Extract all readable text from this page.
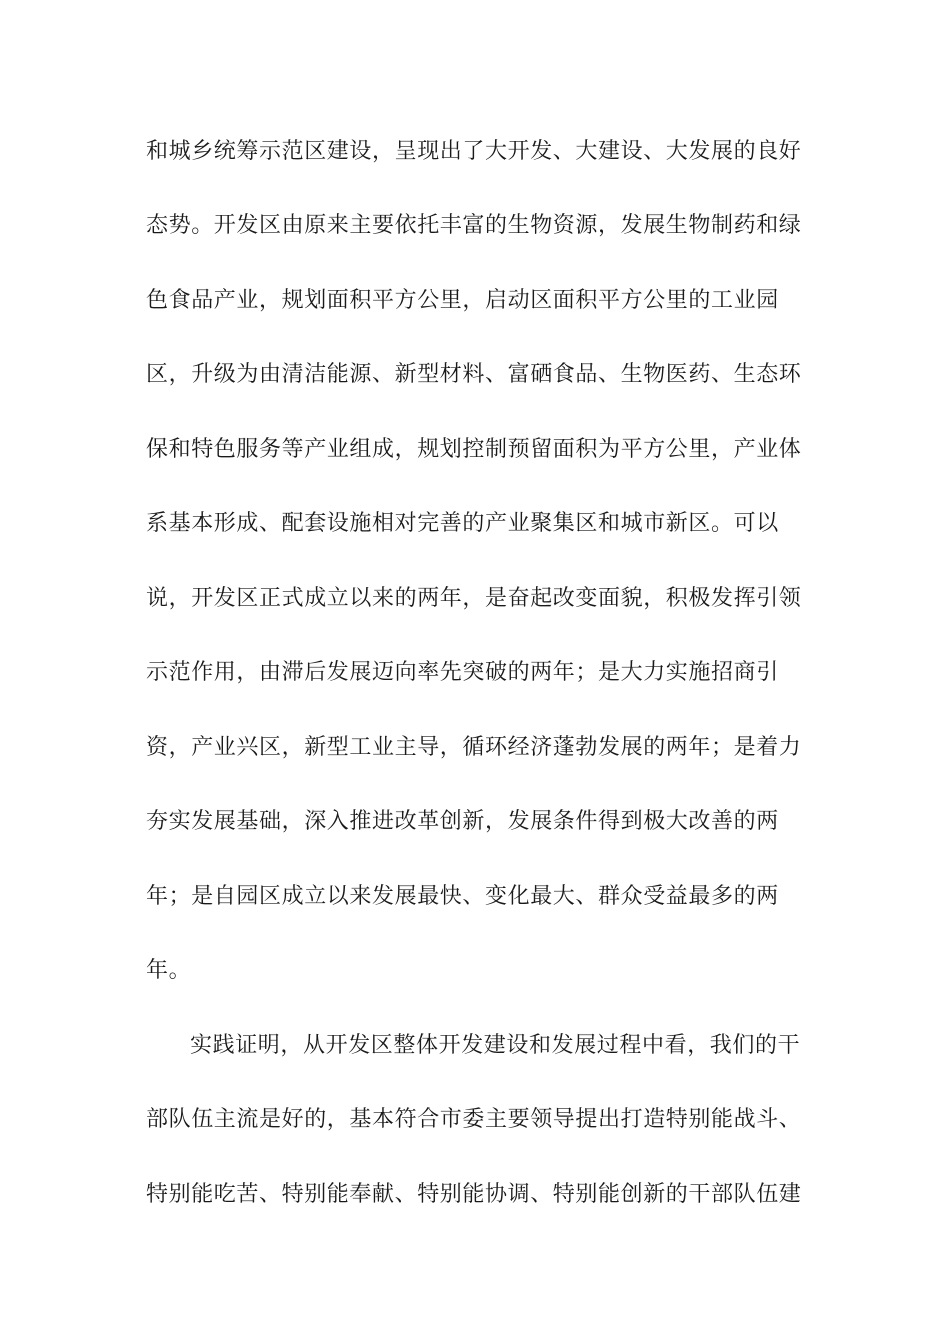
和城乡统筹示范区建设，呈现出了大开发、大建设、大发展的良好
态势。开发区由原来主要依托丰富的生物资源，发展生物制药和绿
色食品产业，规划面积平方公里，启动区面积平方公里的工业园
区，升级为由清洁能源、新型材料、富硒食品、生物医药、生态环
保和特色服务等产业组成，规划控制预留面积为平方公里，产业体
系基本形成、配套设施相对完善的产业聚集区和城市新区。可以
说，开发区正式成立以来的两年，是奋起改变面貌，积极发挥引领
示范作用，由滞后发展迈向率先突破的两年；是大力实施招商引
资，产业兴区，新型工业主导，循环经济蓬勃发展的两年；是着力
夯实发展基础，深入推进改革创新，发展条件得到极大改善的两
年；是自园区成立以来发展最快、变化最大、群众受益最多的两
年。
实践证明，从开发区整体开发建设和发展过程中看，我们的干
部队伍主流是好的，基本符合市委主要领导提出打造特别能战斗、
特别能吃苦、特别能奉献、特别能协调、特别能创新的干部队伍建
